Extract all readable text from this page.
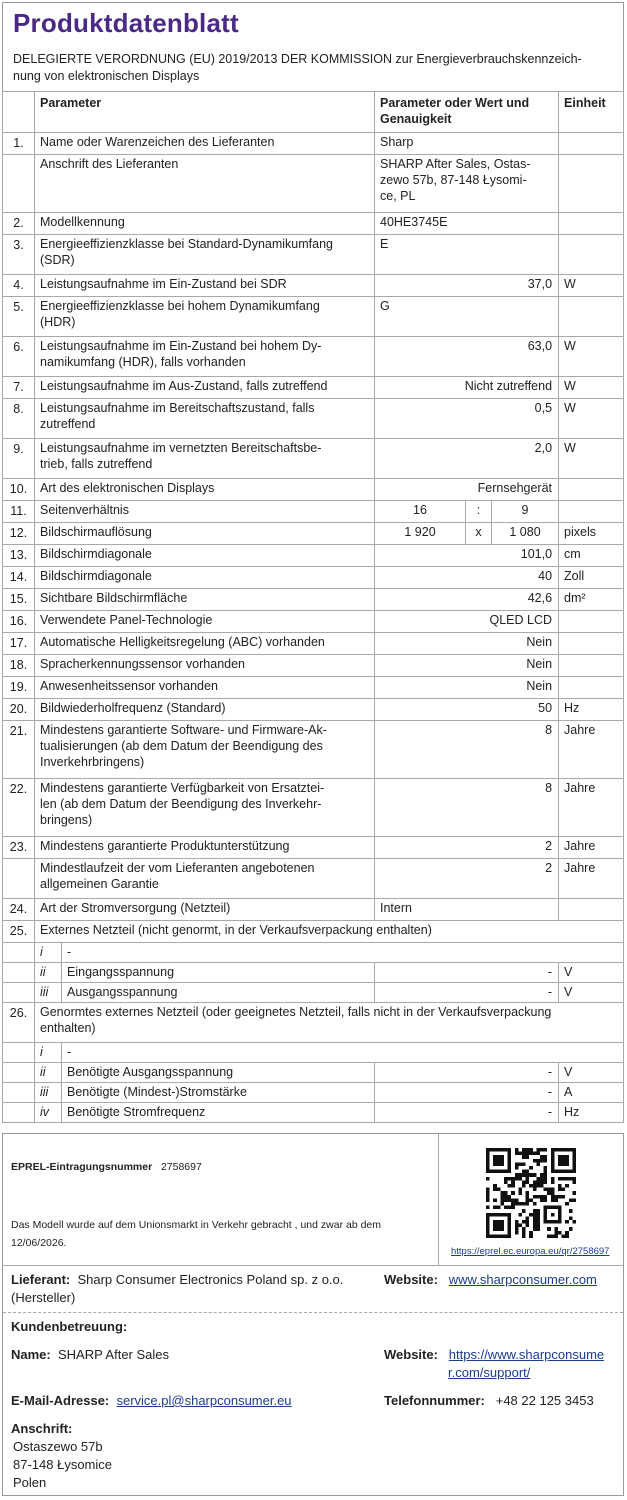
Produktdatenblatt
DELEGIERTE VERORDNUNG (EU) 2019/2013 DER KOMMISSION zur Energieverbrauchskennzeich-
nung von elektronischen Displays
	Parameter		Parameter oder Wert und Genauigkeit			Einheit
1.	Name oder Warenzeichen des Lieferanten		Sharp			
	Anschrift des Lieferanten		SHARP After Sales, Ostas-
zewo 57b, 87-148 Łysomi-
ce, PL			

2.	Modellkennung		40HE3745E			
3.	Energieeffizienzklasse bei Standard-Dynamikumfang
(SDR)		E			
4.	Leistungsaufnahme im Ein-Zustand bei SDR		37,0			W
5.	Energieeffizienzklasse bei hohem Dynamikumfang
(HDR)		G			
6.	Leistungsaufnahme im Ein-Zustand bei hohem Dy-
namikumfang (HDR), falls vorhanden		63,0			W
7.	Leistungsaufnahme im Aus-Zustand, falls zutreffend		Nicht zutreffend			W
8.	Leistungsaufnahme im Bereitschaftszustand, falls
zutreffend		0,5			W
9.	Leistungsaufnahme im vernetzten Bereitschaftsbe-
trieb, falls zutreffend		2,0			W
10.	Art des elektronischen Displays		Fernsehgerät			
11.	Seitenverhältnis		16	:	9	
12.	Bildschirmauflösung		1 920	x	1 080	pixels
13.	Bildschirmdiagonale		101,0			cm
14.	Bildschirmdiagonale		40			Zoll
15.	Sichtbare Bildschirmfläche		42,6			dm²
16.	Verwendete Panel-Technologie		QLED LCD			
17.	Automatische Helligkeitsregelung (ABC) vorhanden		Nein			
18.	Spracherkennungssensor vorhanden		Nein			
19.	Anwesenheitssensor vorhanden		Nein			
20.	Bildwiederholfrequenz (Standard)		50			Hz
21.	Mindestens garantierte Software- und Firmware-Ak-
tualisierungen (ab dem Datum der Beendigung des
Inverkehrbringens)		8			Jahre
22.	Mindestens garantierte Verfügbarkeit von Ersatztei-
len (ab dem Datum der Beendigung des Inverkehr-
bringens)		8			Jahre
23.	Mindestens garantierte Produktunterstützung		2			Jahre

	Mindestlaufzeit der vom Lieferanten angebotenen
allgemeinen Garantie		2			Jahre
24.	Art der Stromversorgung (Netzteil)		Intern			
25.	Externes Netzteil (nicht genormt, in der Verkaufsverpackung enthalten)					
	i	-				
	ii	Eingangsspannung	-			V
	iii	Ausgangsspannung	-			V
26.	Genormtes externes Netzteil (oder geeignetes Netzteil, falls nicht in der Verkaufsverpackung
enthalten)					

	i	-				
	ii	Benötigte Ausgangsspannung	-			V
	iii	Benötigte (Mindest-)Stromstärke	-			A
	iv	Benötigte Stromfrequenz	-			Hz
EPREL-Eintragungsnummer 2758697
Das Modell wurde auf dem Unionsmarkt in Verkehr gebracht , und zwar ab dem
12/06/2026.
https://eprel.ec.europa.eu/qr/2758697
Lieferant: Sharp Consumer Electronics Poland sp. z o.o.
(Hersteller)
Website: www.sharpconsumer.com
Kundenbetreuung:
Name: SHARP After Sales	Website: https://www.sharpconsume
r.com/support/
E-Mail-Adresse: service.pl@sharpconsumer.eu	Telefonnummer: +48 22 125 3453
Anschrift:
Ostaszewo 57b
87-148 Łysomice
Polen
